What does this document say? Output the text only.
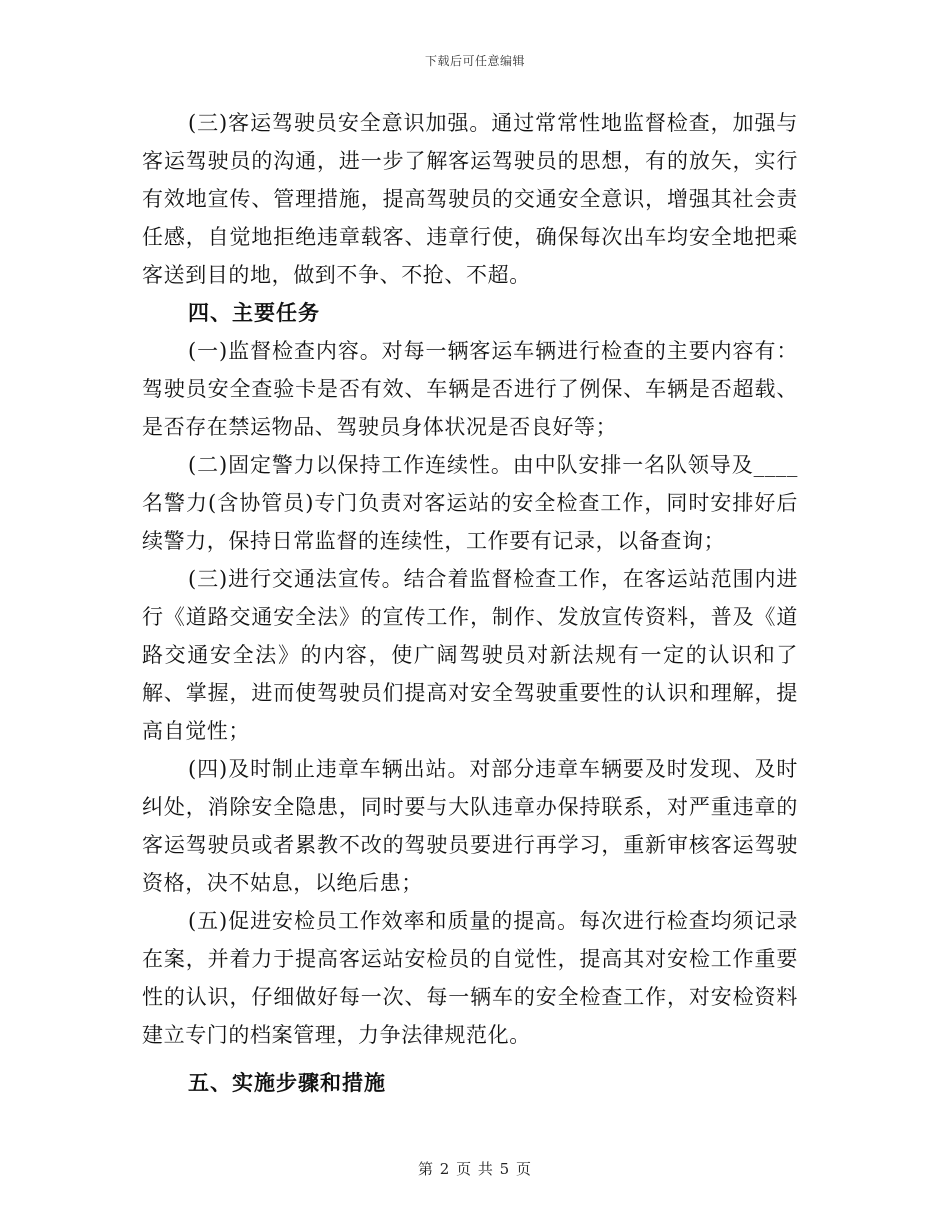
下载后可任意编辑

(三)客运驾驶员安全意识加强。通过常常性地监督检查，加强与客运驾驶员的沟通，进一步了解客运驾驶员的思想，有的放矢，实行有效地宣传、管理措施，提高驾驶员的交通安全意识，增强其社会责任感，自觉地拒绝违章载客、违章行使，确保每次出车均安全地把乘客送到目的地，做到不争、不抢、不超。

四、主要任务

(一)监督检查内容。对每一辆客运车辆进行检查的主要内容有：驾驶员安全查验卡是否有效、车辆是否进行了例保、车辆是否超载、是否存在禁运物品、驾驶员身体状况是否良好等；

(二)固定警力以保持工作连续性。由中队安排一名队领导及____名警力(含协管员)专门负责对客运站的安全检查工作，同时安排好后续警力，保持日常监督的连续性，工作要有记录，以备查询；

(三)进行交通法宣传。结合着监督检查工作，在客运站范围内进行《道路交通安全法》的宣传工作，制作、发放宣传资料，普及《道路交通安全法》的内容，使广阔驾驶员对新法规有一定的认识和了解、掌握，进而使驾驶员们提高对安全驾驶重要性的认识和理解，提高自觉性；

(四)及时制止违章车辆出站。对部分违章车辆要及时发现、及时纠处，消除安全隐患，同时要与大队违章办保持联系，对严重违章的客运驾驶员或者累教不改的驾驶员要进行再学习，重新审核客运驾驶资格，决不姑息，以绝后患；

(五)促进安检员工作效率和质量的提高。每次进行检查均须记录在案，并着力于提高客运站安检员的自觉性，提高其对安检工作重要性的认识，仔细做好每一次、每一辆车的安全检查工作，对安检资料建立专门的档案管理，力争法律规范化。

五、实施步骤和措施

第 2 页 共 5 页
